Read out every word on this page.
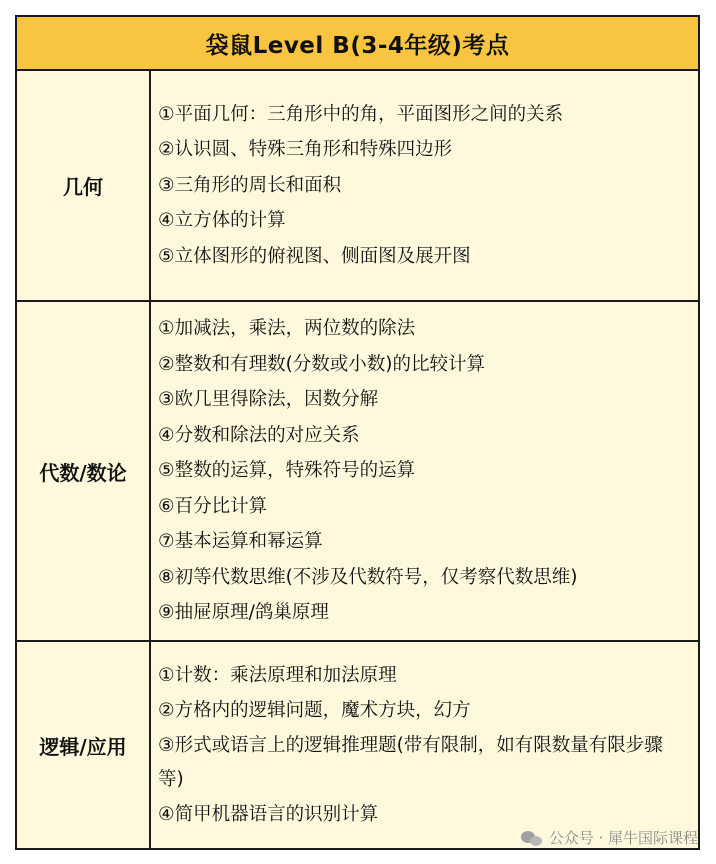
袋鼠Level B(3-4年级)考点
几何
①平面几何：三角形中的角，平面图形之间的关系
②认识圆、特殊三角形和特殊四边形
③三角形的周长和面积
④立方体的计算
⑤立体图形的俯视图、侧面图及展开图
代数/数论
①加减法，乘法，两位数的除法
②整数和有理数(分数或小数)的比较计算
③欧几里得除法，因数分解
④分数和除法的对应关系
⑤整数的运算，特殊符号的运算
⑥百分比计算
⑦基本运算和幂运算
⑧初等代数思维(不涉及代数符号，仅考察代数思维)
⑨抽屉原理/鸽巢原理
逻辑/应用
①计数：乘法原理和加法原理
②方格内的逻辑问题，魔术方块，幻方
③形式或语言上的逻辑推理题(带有限制，如有限数量有限步骤等)
④简甲机器语言的识别计算
公众号 · 犀牛国际课程
